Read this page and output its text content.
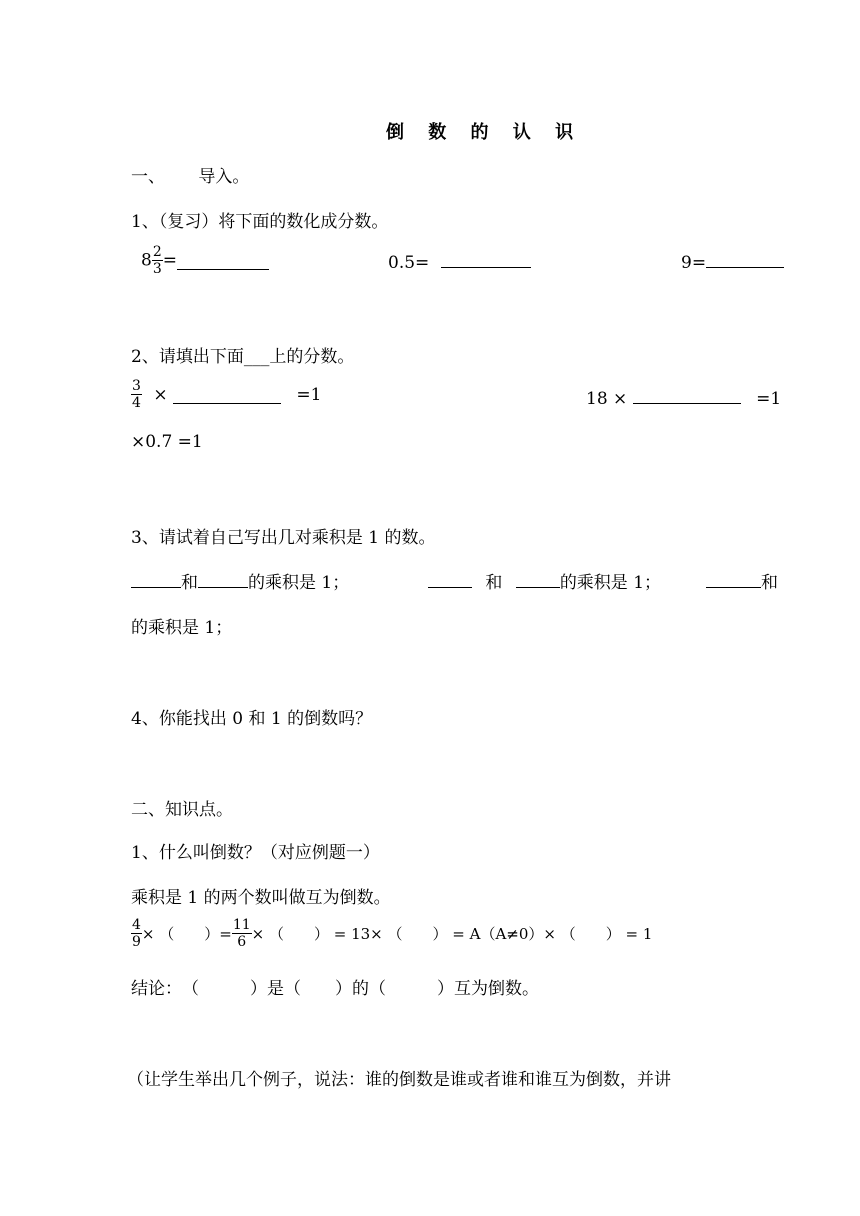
倒 数 的 认 识
一、 导入。
1、（复习）将下面的数化成分数。
$8 \frac{2}{3}$ =	0.5=	9=
2、请填出下面___上的分数。
$\frac{3}{4}$ ×	=1	18 ×	=1
×0.7 =1
3、请试着自己写出几对乘积是 1 的数。
和	的乘积是 1；	和	的乘积是 1；	和
的乘积是 1；
4、你能找出 0 和 1 的倒数吗？
二、知识点。
1、什么叫倒数？（对应例题一）
乘积是 1 的两个数叫做互为倒数。
$\frac{4}{9}$ × （　　）= $\frac{11}{6}$ × （　　） = 13× （　　） = A（A≠0）× （　　） = 1
结论：　（　　　）是（　　）的（　　　）互为倒数。
（让学生举出几个例子，说法：谁的倒数是谁或者谁和谁互为倒数，并讲
